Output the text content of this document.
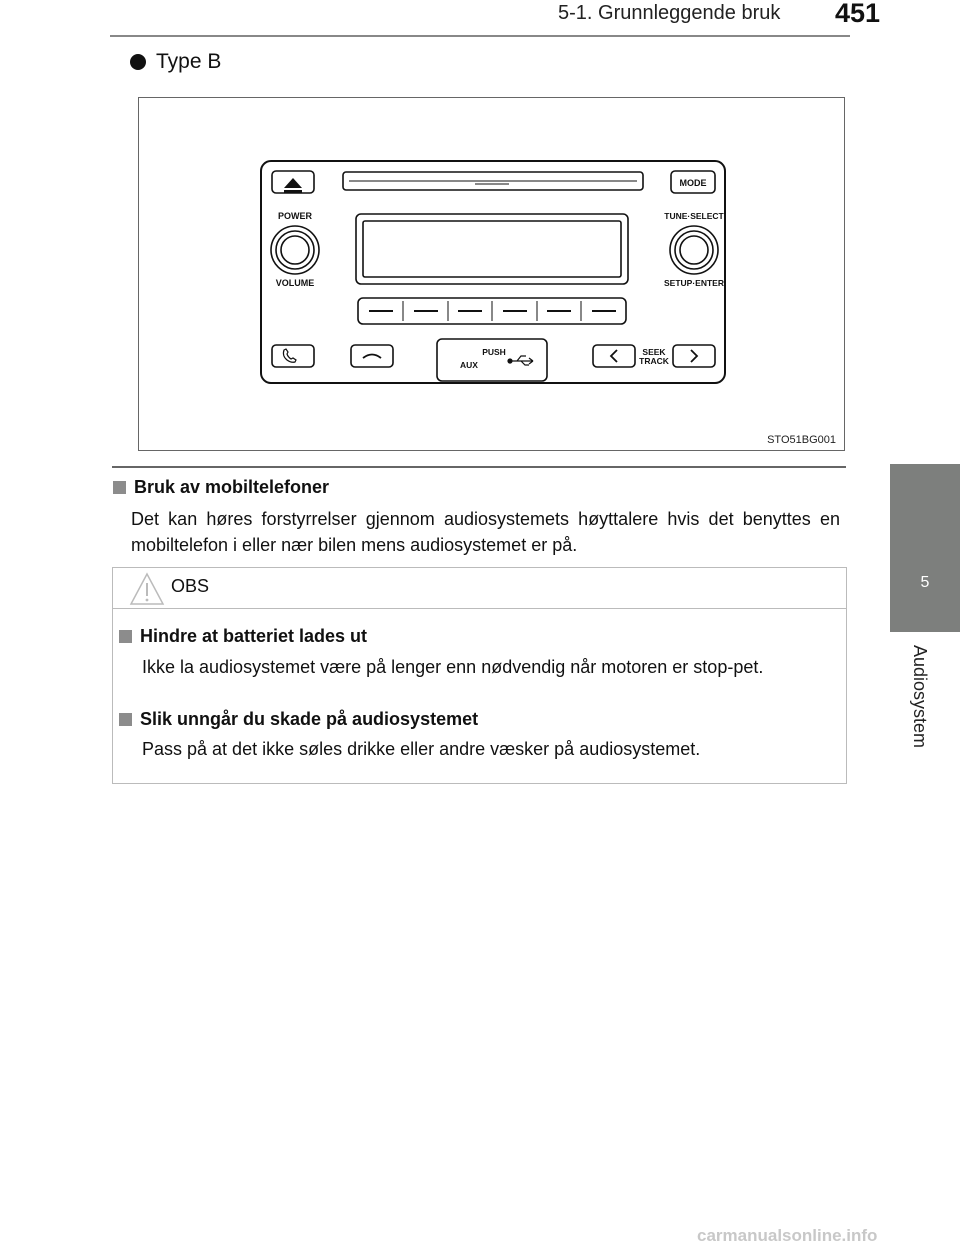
5-1. Grunnleggende bruk 451
5
Audiosystem
Type B
MODE
POWER
VOLUME
TUNE·SELECT
SETUP·ENTER
PUSH
AUX
SEEK
TRACK
STO51BG001
Bruk av mobiltelefoner
Det kan høres forstyrrelser gjennom audiosystemets høyttalere hvis det benyttes en mobiltelefon i eller nær bilen mens audiosystemet er på.
OBS
Hindre at batteriet lades ut
Ikke la audiosystemet være på lenger enn nødvendig når motoren er stop-pet.
Slik unngår du skade på audiosystemet
Pass på at det ikke søles drikke eller andre væsker på audiosystemet.
carmanualsonline.info
